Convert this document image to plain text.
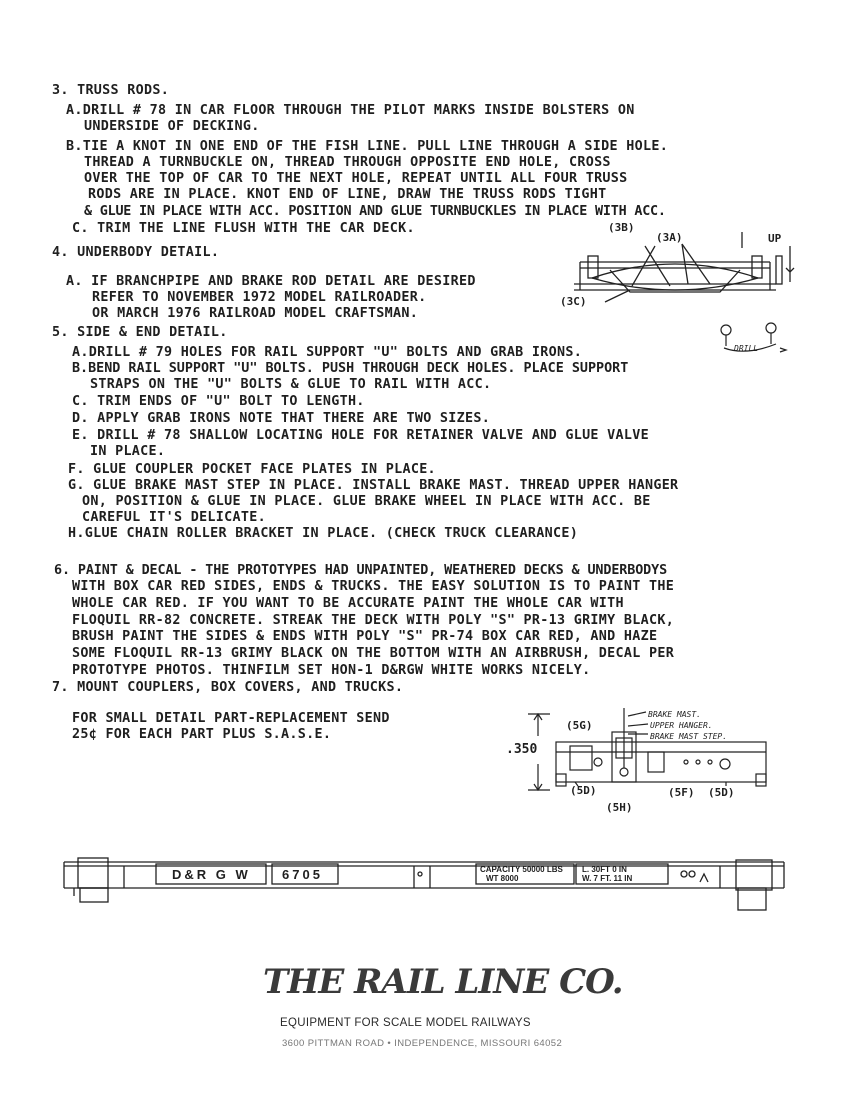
3. TRUSS RODS.
A.DRILL # 78 IN CAR FLOOR THROUGH THE PILOT MARKS INSIDE BOLSTERS ON
UNDERSIDE OF DECKING.
B.TIE A KNOT IN ONE END OF THE FISH LINE. PULL LINE THROUGH A SIDE HOLE.
THREAD A TURNBUCKLE ON, THREAD THROUGH OPPOSITE END HOLE, CROSS
OVER THE TOP OF CAR TO THE NEXT HOLE, REPEAT UNTIL ALL FOUR TRUSS
RODS ARE IN PLACE. KNOT END OF LINE, DRAW THE TRUSS RODS TIGHT
& GLUE IN PLACE WITH ACC. POSITION AND GLUE TURNBUCKLES IN PLACE WITH ACC.
C. TRIM THE LINE FLUSH WITH THE CAR DECK.
4. UNDERBODY DETAIL.
A. IF BRANCHPIPE AND BRAKE ROD DETAIL ARE DESIRED
REFER TO NOVEMBER 1972 MODEL RAILROADER.
OR MARCH 1976 RAILROAD MODEL CRAFTSMAN.
5. SIDE & END DETAIL.
A.DRILL # 79 HOLES FOR RAIL SUPPORT "U" BOLTS AND GRAB IRONS.
B.BEND RAIL SUPPORT "U" BOLTS. PUSH THROUGH DECK HOLES. PLACE SUPPORT
STRAPS ON THE "U" BOLTS & GLUE TO RAIL WITH ACC.
C. TRIM ENDS OF "U" BOLT TO LENGTH.
D. APPLY GRAB IRONS NOTE THAT THERE ARE TWO SIZES.
E. DRILL # 78 SHALLOW LOCATING HOLE FOR RETAINER VALVE AND GLUE VALVE
IN PLACE.
F. GLUE COUPLER POCKET FACE PLATES IN PLACE.
G. GLUE BRAKE MAST STEP IN PLACE. INSTALL BRAKE MAST. THREAD UPPER HANGER
ON, POSITION & GLUE IN PLACE. GLUE BRAKE WHEEL IN PLACE WITH ACC. BE
CAREFUL IT'S DELICATE.
H.GLUE CHAIN ROLLER BRACKET IN PLACE. (CHECK TRUCK CLEARANCE)
6. PAINT & DECAL - THE PROTOTYPES HAD UNPAINTED, WEATHERED DECKS & UNDERBODYS
WITH BOX CAR RED SIDES, ENDS & TRUCKS. THE EASY SOLUTION IS TO PAINT THE
WHOLE CAR RED. IF YOU WANT TO BE ACCURATE PAINT THE WHOLE CAR WITH
FLOQUIL RR-82 CONCRETE. STREAK THE DECK WITH POLY "S" PR-13 GRIMY BLACK,
BRUSH PAINT THE SIDES & ENDS WITH POLY "S" PR-74 BOX CAR RED, AND HAZE
SOME FLOQUIL RR-13 GRIMY BLACK ON THE BOTTOM WITH AN AIRBRUSH, DECAL PER
PROTOTYPE PHOTOS. THINFILM SET HON-1 D&RGW WHITE WORKS NICELY.
7. MOUNT COUPLERS, BOX COVERS, AND TRUCKS.
FOR SMALL DETAIL PART-REPLACEMENT SEND
25¢ FOR EACH PART PLUS S.A.S.E.
(3B)
(3A)	UP
(3C)
DRILL
.350
(5G)
BRAKE MAST.
UPPER HANGER.
BRAKE MAST STEP.
(5D)
(5H)
(5F) (5D)
D&R G W 6705	CAPACITY 50000 LBS
WT 8000
L. 30FT 0 IN
W. 7 FT. 11 IN
THE RAIL LINE CO.
EQUIPMENT FOR SCALE MODEL RAILWAYS
3600 PITTMAN ROAD • INDEPENDENCE, MISSOURI 64052
